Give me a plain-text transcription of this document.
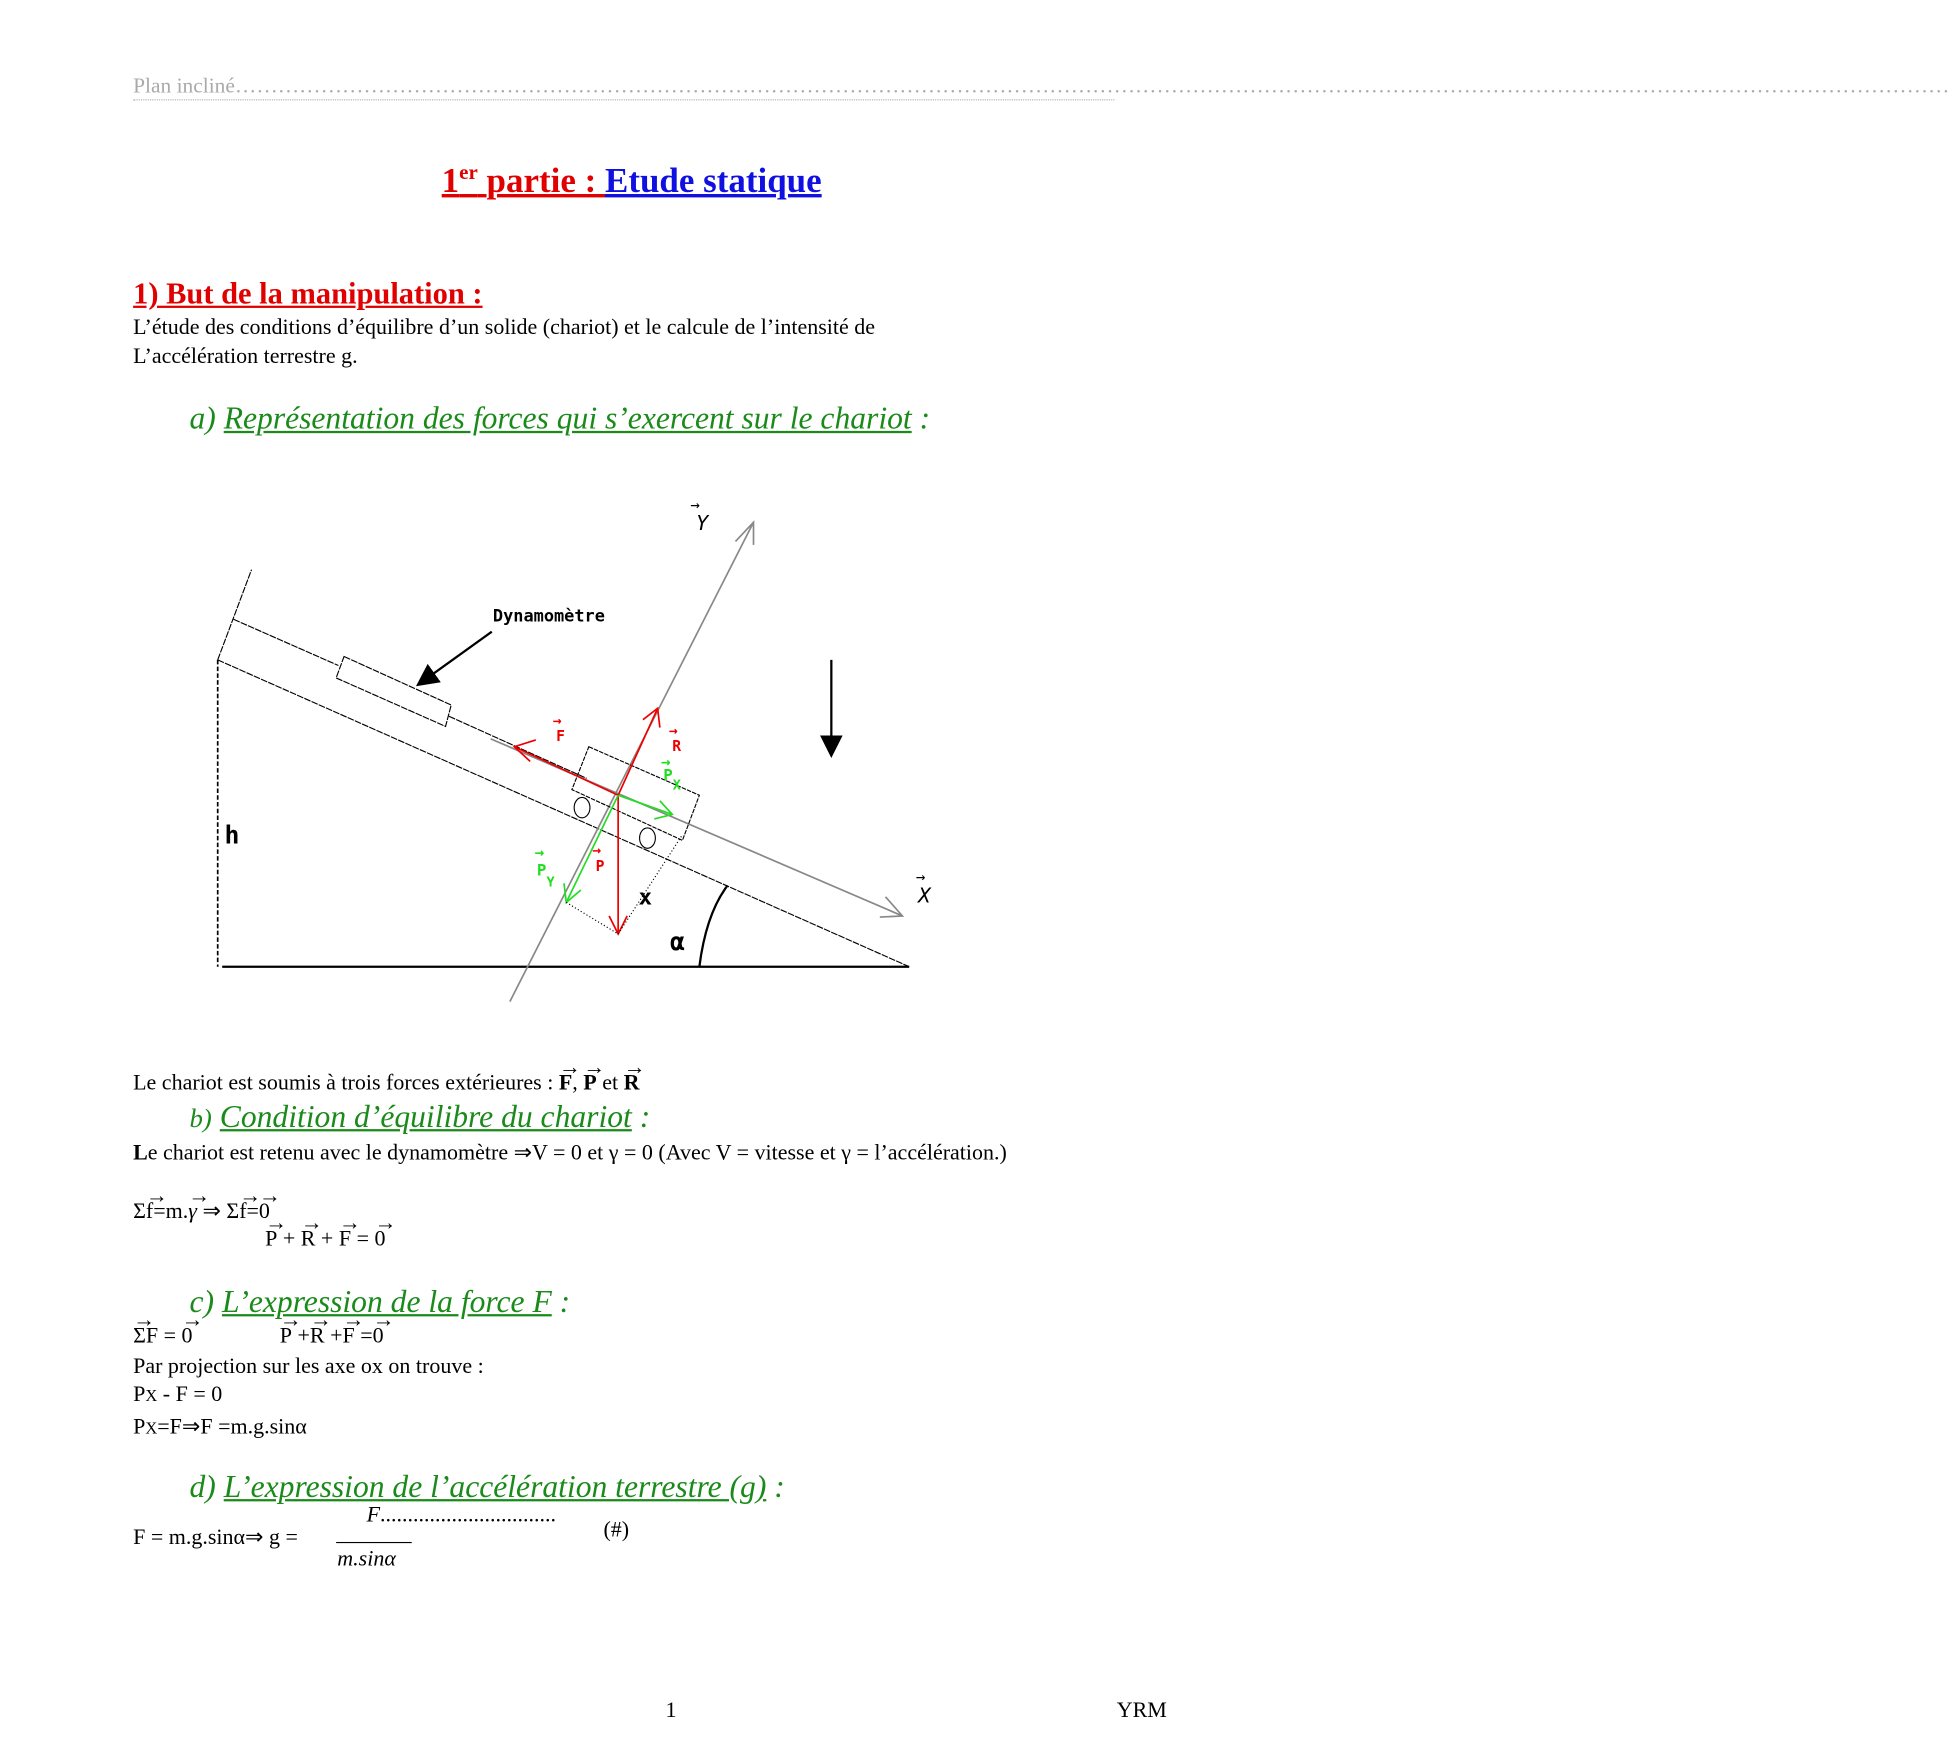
Plan incliné……………………………………………………………………………………………………………………………………………………………………………………………………………………
1er partie : Etude statique
1) But de la manipulation :
L’étude des conditions d’équilibre d’un solide (chariot) et le calcule de l’intensité de
L’accélération terrestre g.
a) Représentation des forces qui s’exercent sur le chariot :
Dynamomètre
Y
→
X
→
→
F	→
R
→
P
→
PX
→
PY
x
α
h
Le chariot est soumis à trois forces extérieures : → F, → P et → R
b) Condition d’équilibre du chariot :
Le chariot est retenu avec le dynamomètre ⇒V = 0 et γ = 0 (Avec V = vitesse et γ = l’accélération.)
Σ→ f=m.→ γ ⇒ Σ→ f=→ 0
→ P + → R + → F = → 0
c) L’expression de la force F :
→ ΣF = → 0	→ P +→ R +→ F =→ 0
Par projection sur les axe ox on trouve :
PX - F = 0
PX=F⇒F =m.g.sinα
d) L’expression de l’accélération terrestre (g) :
F = m.g.sinα⇒ g =
F................................
m.sinα
(#)
1	YRM
